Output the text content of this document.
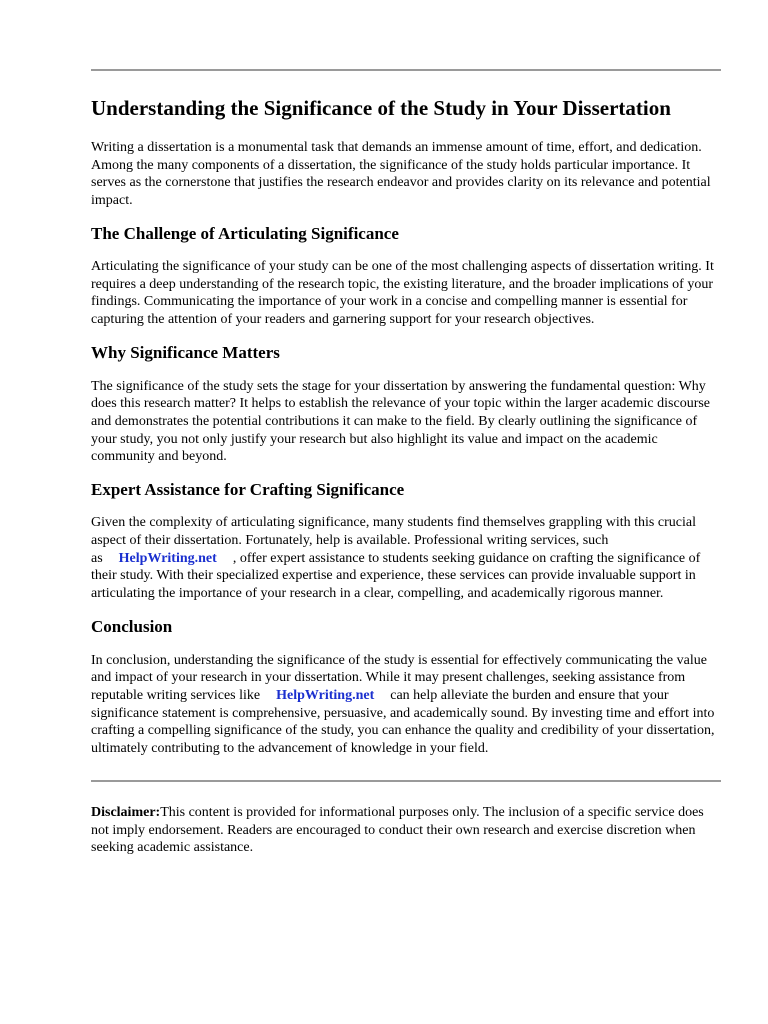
Understanding the Significance of the Study in Your Dissertation

Writing a dissertation is a monumental task that demands an immense amount of time, effort, and dedication. Among the many components of a dissertation, the significance of the study holds particular importance. It serves as the cornerstone that justifies the research endeavor and provides clarity on its relevance and potential impact.

The Challenge of Articulating Significance

Articulating the significance of your study can be one of the most challenging aspects of dissertation writing. It requires a deep understanding of the research topic, the existing literature, and the broader implications of your findings. Communicating the importance of your work in a concise and compelling manner is essential for capturing the attention of your readers and garnering support for your research objectives.

Why Significance Matters

The significance of the study sets the stage for your dissertation by answering the fundamental question: Why does this research matter? It helps to establish the relevance of your topic within the larger academic discourse and demonstrates the potential contributions it can make to the field. By clearly outlining the significance of your study, you not only justify your research but also highlight its value and impact on the academic community and beyond.

Expert Assistance for Crafting Significance

Given the complexity of articulating significance, many students find themselves grappling with this crucial aspect of their dissertation. Fortunately, help is available. Professional writing services, such as HelpWriting.net , offer expert assistance to students seeking guidance on crafting the significance of their study. With their specialized expertise and experience, these services can provide invaluable support in articulating the importance of your research in a clear, compelling, and academically rigorous manner.

Conclusion

In conclusion, understanding the significance of the study is essential for effectively communicating the value and impact of your research in your dissertation. While it may present challenges, seeking assistance from reputable writing services like HelpWriting.net can help alleviate the burden and ensure that your significance statement is comprehensive, persuasive, and academically sound. By investing time and effort into crafting a compelling significance of the study, you can enhance the quality and credibility of your dissertation, ultimately contributing to the advancement of knowledge in your field.

Disclaimer:This content is provided for informational purposes only. The inclusion of a specific service does not imply endorsement. Readers are encouraged to conduct their own research and exercise discretion when seeking academic assistance.
